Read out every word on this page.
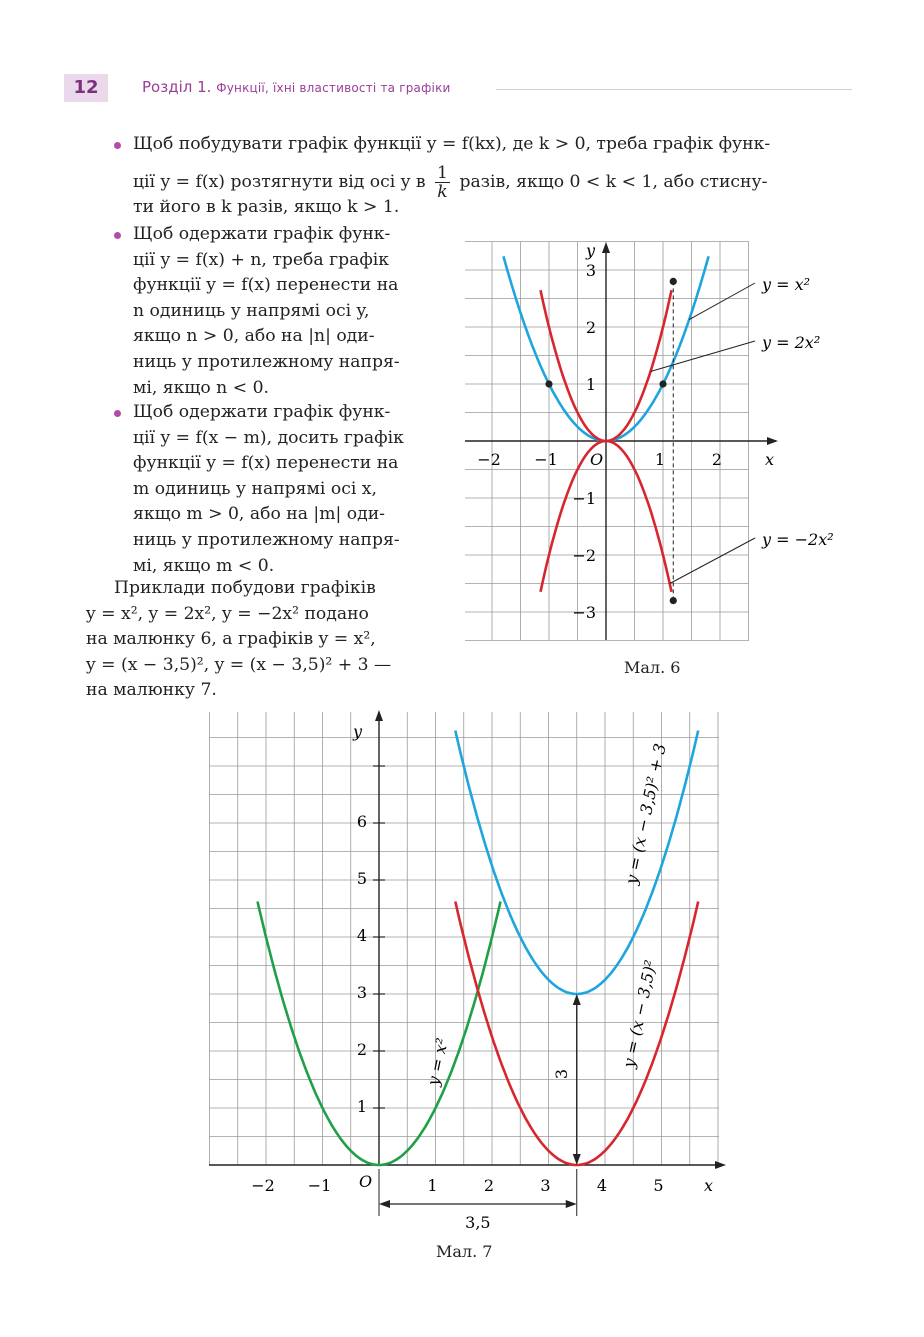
12	Розділ 1. Функції, їхні властивості та графіки

Щоб побудувати графік функції y = f(kx), де k > 0, треба графік функ-

ції y = f(x) розтягнути від осі y в $\frac{1}{k}$ разів, якщо 0 < k < 1, або стисну-

ти його в k разів, якщо k > 1.

Щоб одержати графік функ-

ції y = f(x) + n, треба графік

функції y = f(x) перенести на

n одиниць у напрямі осі y,

якщо n > 0, або на |n| оди-

ниць у протилежному напря-

мі, якщо n < 0.

Щоб одержати графік функ-

ції y = f(x − m), досить графік

функції y = f(x) перенести на

m одиниць у напрямі осі x,

якщо m > 0, або на |m| оди-

ниць у протилежному напря-

мі, якщо m < 0.

Приклади побудови графіків

y = x², y = 2x², y = −2x² подано

на малюнку 6, а графіків y = x²,

y = (x − 3,5)², y = (x − 3,5)² + 3 —

на малюнку 7.

−2 −1	1	2
3
2
1
−1
−2
−3
O	x
y
y = x²
y = 2x²
y = −2x²
Мал. 6
−2 −1	1	2	3	4	5
1
2
3
4
5
6
O	x
y
y = x²	y = (x − 3,5)²
y = (x − 3,5)² + 3
3
3,5
Мал. 7
